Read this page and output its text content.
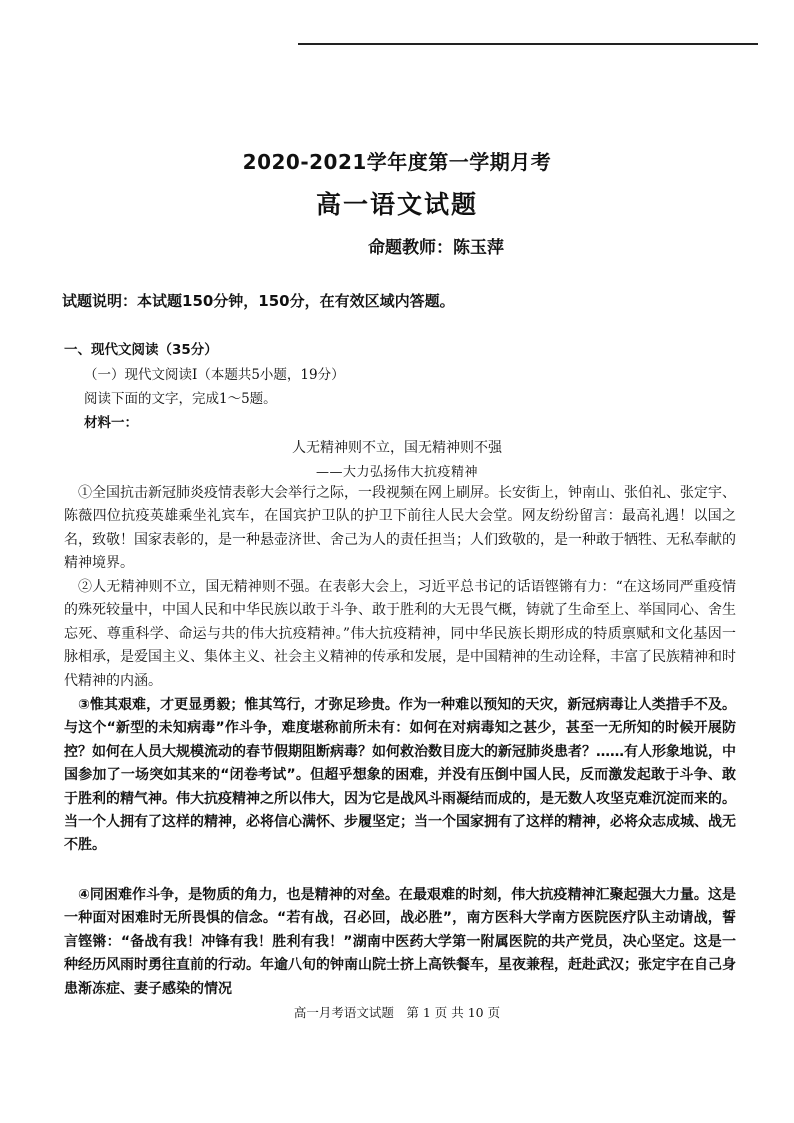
2020-2021学年度第一学期月考
高一语文试题
命题教师：陈玉萍
试题说明：本试题150分钟，150分，在有效区域内答题。
一、现代文阅读（35分）
（一）现代文阅读Ⅰ（本题共5小题，19分）
阅读下面的文字，完成1～5题。
材料一：
人无精神则不立，国无精神则不强
——大力弘扬伟大抗疫精神

①全国抗击新冠肺炎疫情表彰大会举行之际，一段视频在网上刷屏。长安街上，钟南山、张伯礼、张定宇、陈薇四位抗疫英雄乘坐礼宾车，在国宾护卫队的护卫下前往人民大会堂。网友纷纷留言：最高礼遇！以国之名，致敬！国家表彰的，是一种悬壶济世、舍己为人的责任担当；人们致敬的，是一种敢于牺牲、无私奉献的精神境界。

②人无精神则不立，国无精神则不强。在表彰大会上，习近平总书记的话语铿锵有力：“在这场同严重疫情的殊死较量中，中国人民和中华民族以敢于斗争、敢于胜利的大无畏气概，铸就了生命至上、举国同心、舍生忘死、尊重科学、命运与共的伟大抗疫精神。”伟大抗疫精神，同中华民族长期形成的特质禀赋和文化基因一脉相承，是爱国主义、集体主义、社会主义精神的传承和发展，是中国精神的生动诠释，丰富了民族精神和时代精神的内涵。

③惟其艰难，才更显勇毅；惟其笃行，才弥足珍贵。作为一种难以预知的天灾，新冠病毒让人类措手不及。与这个“新型的未知病毒”作斗争，难度堪称前所未有：如何在对病毒知之甚少，甚至一无所知的时候开展防控？如何在人员大规模流动的春节假期阻断病毒？如何救治数目庞大的新冠肺炎患者？……有人形象地说，中国参加了一场突如其来的“闭卷考试”。但超乎想象的困难，并没有压倒中国人民，反而激发起敢于斗争、敢于胜利的精气神。伟大抗疫精神之所以伟大，因为它是战风斗雨凝结而成的，是无数人攻坚克难沉淀而来的。当一个人拥有了这样的精神，必将信心满怀、步履坚定；当一个国家拥有了这样的精神，必将众志成城、战无不胜。

④同困难作斗争，是物质的角力，也是精神的对垒。在最艰难的时刻，伟大抗疫精神汇聚起强大力量。这是一种面对困难时无所畏惧的信念。“若有战，召必回，战必胜”，南方医科大学南方医院医疗队主动请战，誓言铿锵：“备战有我！冲锋有我！胜利有我！”湖南中医药大学第一附属医院的共产党员，决心坚定。这是一种经历风雨时勇往直前的行动。年逾八旬的钟南山院士挤上高铁餐车，星夜兼程，赶赴武汉；张定宇在自己身患渐冻症、妻子感染的情况

高一月考语文试题　第 1 页 共 10 页
